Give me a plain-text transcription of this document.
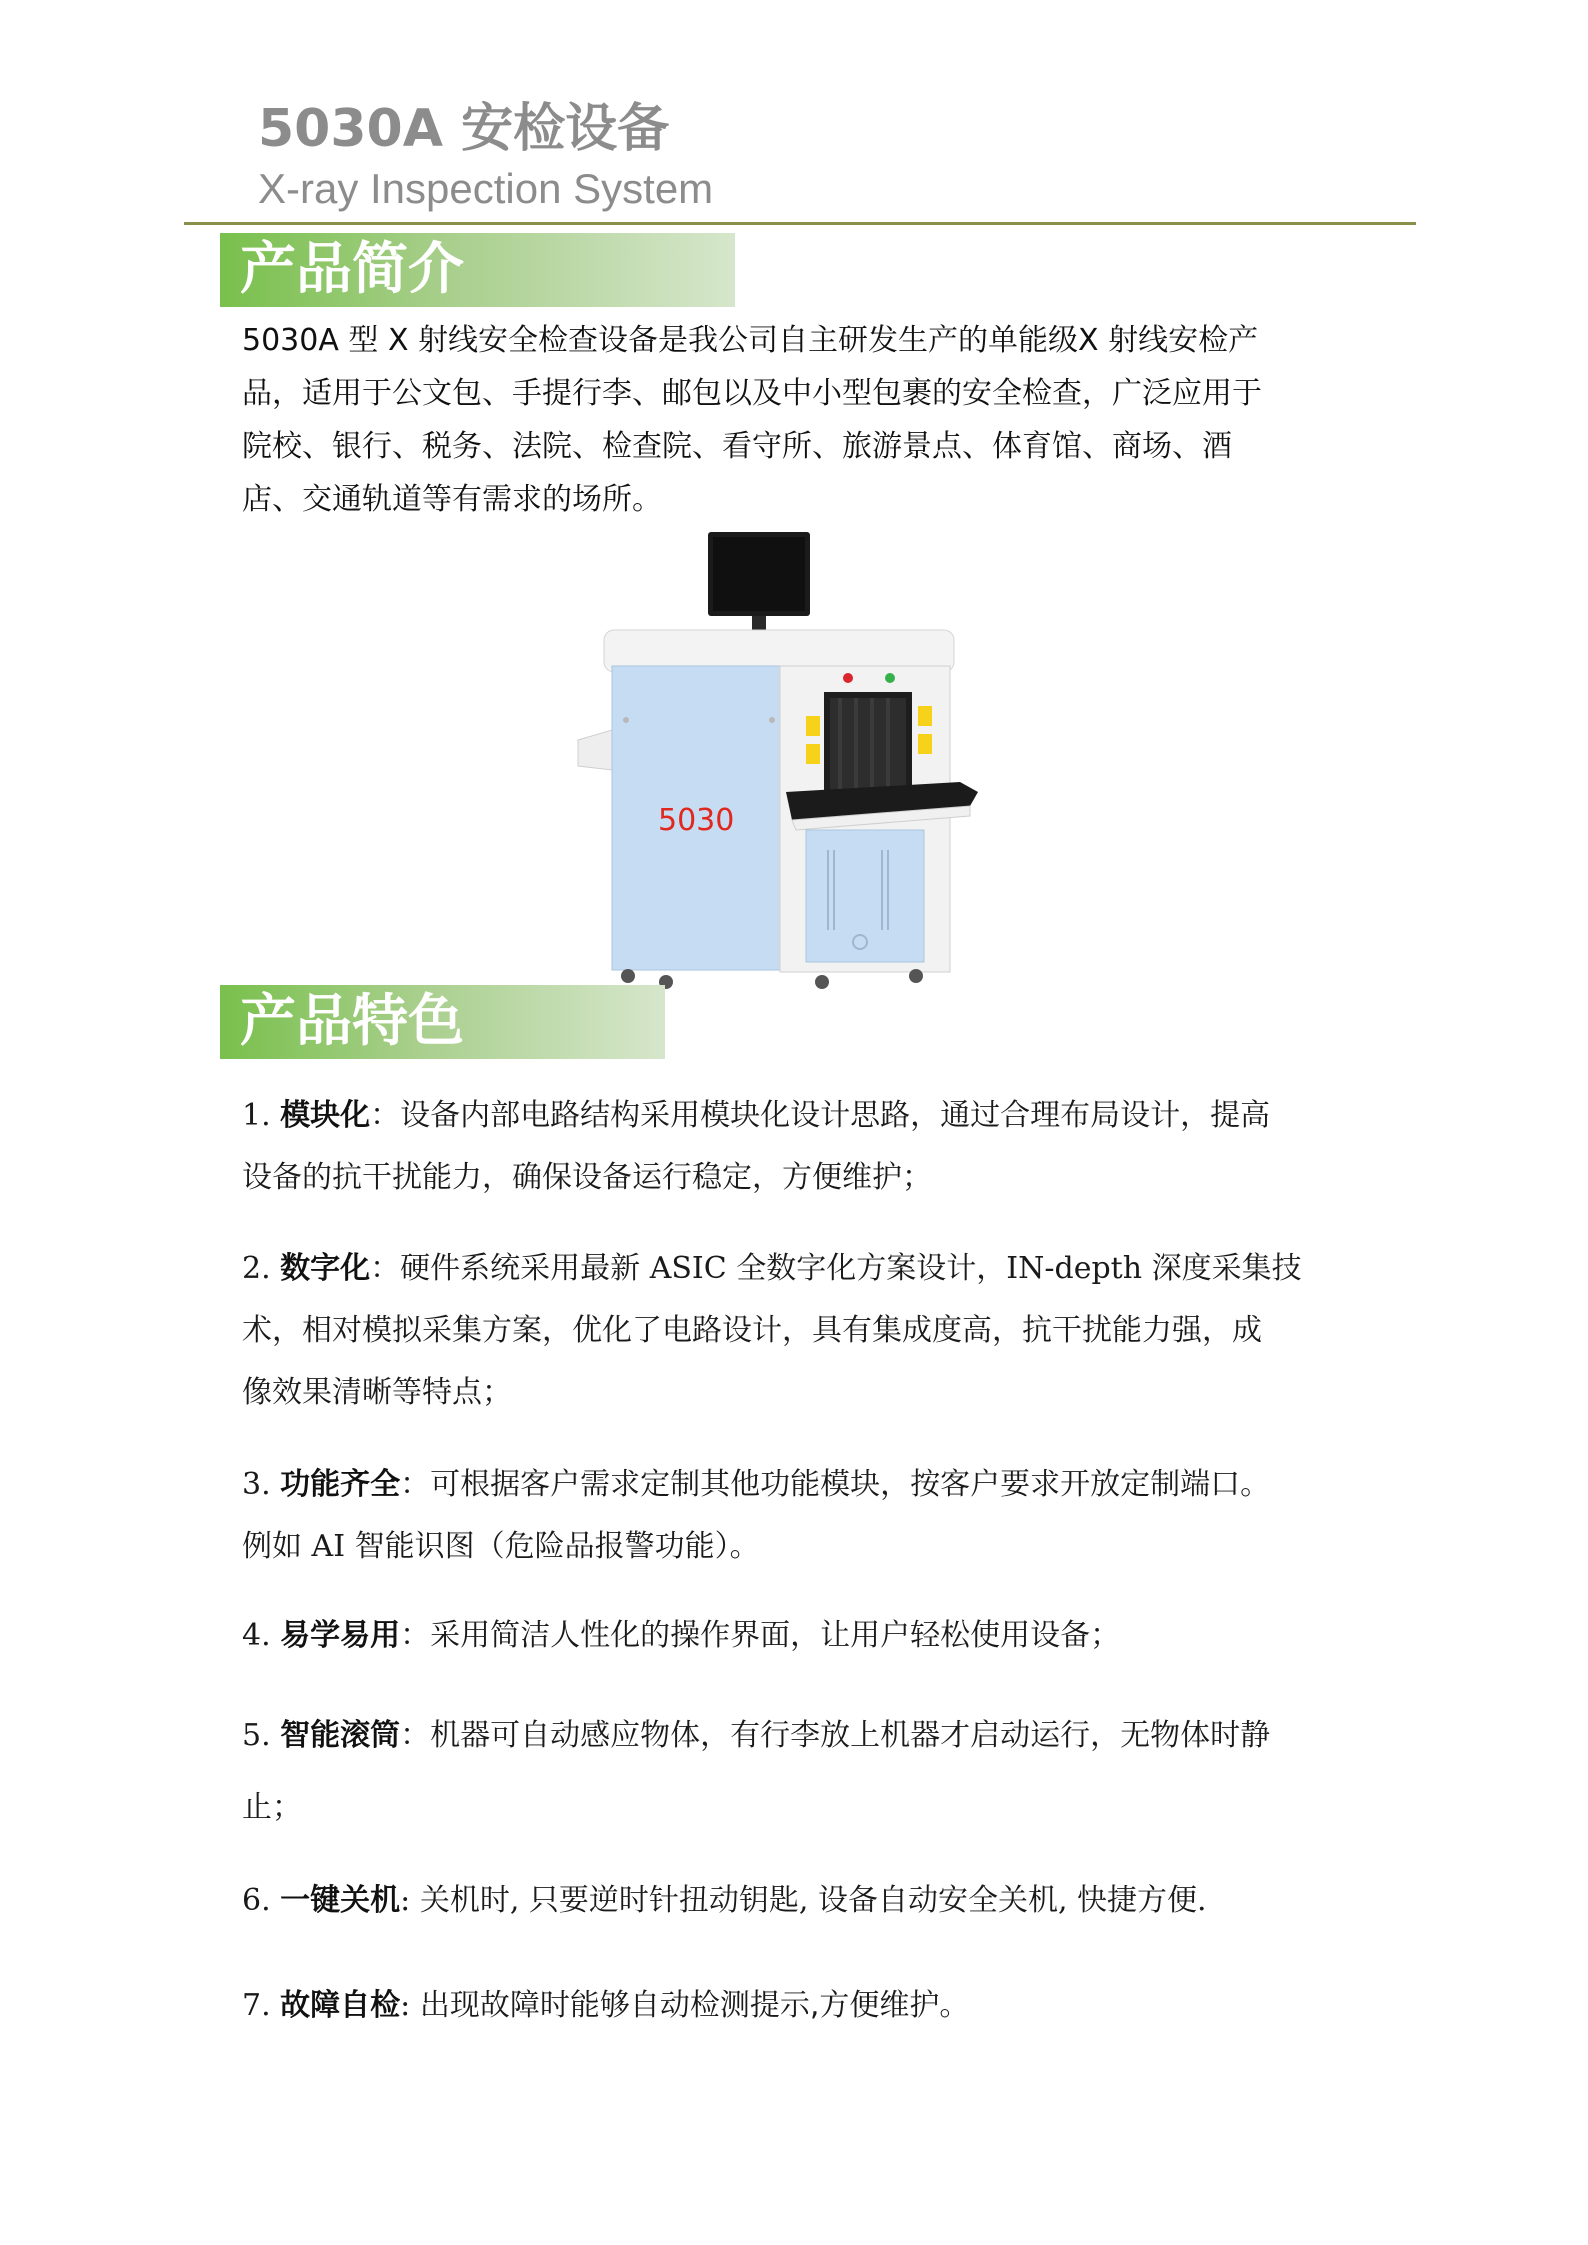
5030A 安检设备
X-ray Inspection System
产品简介
5030A 型 X 射线安全检查设备是我公司自主研发生产的单能级X 射线安检产
品，适用于公文包、手提行李、邮包以及中小型包裹的安全检查，广泛应用于
院校、银行、税务、法院、检查院、看守所、旅游景点、体育馆、商场、酒
店、交通轨道等有需求的场所。
5030
产品特色
1. 模块化：设备内部电路结构采用模块化设计思路，通过合理布局设计，提高
设备的抗干扰能力，确保设备运行稳定，方便维护；
2. 数字化：硬件系统采用最新 ASIC 全数字化方案设计，IN-depth 深度采集技
术，相对模拟采集方案，优化了电路设计，具有集成度高，抗干扰能力强，成
像效果清晰等特点；
3. 功能齐全：可根据客户需求定制其他功能模块，按客户要求开放定制端口。
例如 AI 智能识图（危险品报警功能）。
4. 易学易用：采用简洁人性化的操作界面，让用户轻松使用设备；
5. 智能滚筒：机器可自动感应物体，有行李放上机器才启动运行，无物体时静
止；
6. 一键关机: 关机时, 只要逆时针扭动钥匙, 设备自动安全关机, 快捷方便.
7. 故障自检: 出现故障时能够自动检测提示,方便维护。
